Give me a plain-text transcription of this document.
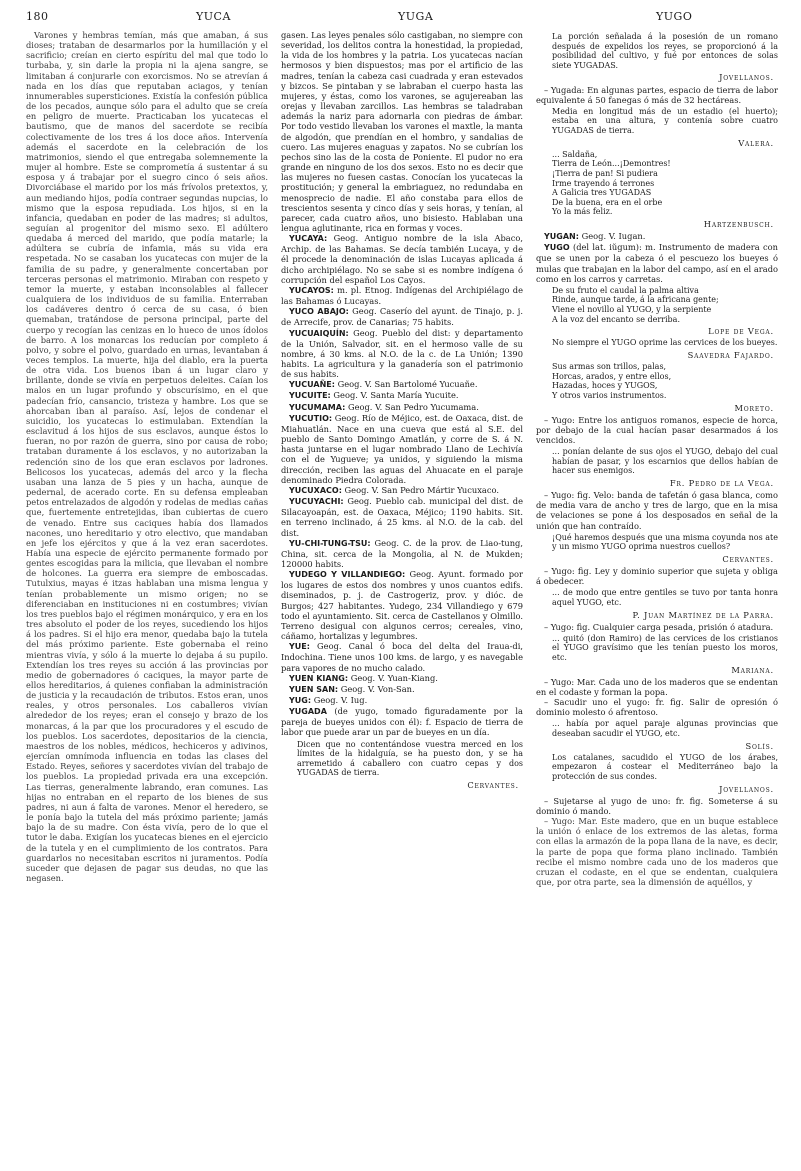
180	YUCA	YUGA	YUGO

Varones y hembras temían, más que amaban, á sus dioses; trataban de desarmarlos por la humillación y el sacrificio; creían en cierto espíritu del mal que todo lo turbaba, y, sin darle la propia ni la ajena sangre, se limitaban á conjurarle con exorcismos. No se atrevían á nada en los días que reputaban aciagos, y tenían innumerables supersticiones. Existía la confesión pública de los pecados, aunque sólo para el adulto que se creía en peligro de muerte. Practicaban los yucatecas el bautismo, que de manos del sacerdote se recibía colectivamente de los tres á los doce años. Intervenía además el sacerdote en la celebración de los matrimonios, siendo el que entregaba solemnemente la mujer al hombre. Este se comprometía á sustentar á su esposa y á trabajar por el suegro cinco ó seis años. Divorciábase el marido por los más frívolos pretextos, y, aun mediando hijos, podía contraer segundas nupcias, lo mismo que la esposa repudiada. Los hijos, si en la infancia, quedaban en poder de las madres; si adultos, seguían al progenitor del mismo sexo. El adúltero quedaba á merced del marido, que podía matarle; la adúltera se cubría de infamia, más su vida era respetada. No se casaban los yucatecas con mujer de la familia de su padre, y generalmente concertaban por terceras personas el matrimonio. Miraban con respeto y temor la muerte, y estaban inconsolables al fallecer cualquiera de los individuos de su familia. Enterraban los cadáveres dentro ó cerca de su casa, ó bien quemaban, tratándose de persona principal, parte del cuerpo y recogían las cenizas en lo hueco de unos ídolos de barro. A los monarcas los reducían por completo á polvo, y sobre el polvo, guardado en urnas, levantaban á veces templos. La muerte, hija del diablo, era la puerta de otra vida. Los buenos iban á un lugar claro y brillante, donde se vivía en perpetuos deleites. Caían los malos en un lugar profundo y obscurísimo, en el que padecían frío, cansancio, tristeza y hambre. Los que se ahorcaban iban al paraíso. Así, lejos de condenar el suicidio, los yucatecas lo estimulaban. Extendían la esclavitud á los hijos de sus esclavos, aunque éstos lo fueran, no por razón de guerra, sino por causa de robo; trataban duramente á los esclavos, y no autorizaban la redención sino de los que eran esclavos por ladrones. Belicosos los yucatecas, además del arco y la flecha usaban una lanza de 5 pies y un hacha, aunque de pedernal, de acerado corte. En su defensa empleaban petos entrelazados de algodón y rodelas de medias cañas que, fuertemente entretejidas, iban cubiertas de cuero de venado. Entre sus caciques había dos llamados nacones, uno hereditario y otro electivo, que mandaban en jefe los ejércitos y que á la vez eran sacerdotes. Había una especie de ejército permanente formado por gentes escogidas para la milicia, que llevaban el nombre de holcones. La guerra era siempre de emboscadas. Tutulxius, mayas é itzas hablaban una misma lengua y tenían probablemente un mismo origen; no se diferenciaban en instituciones ni en costumbres; vivían los tres pueblos bajo el régimen monárquico, y era en los tres absoluto el poder de los reyes, sucediendo los hijos á los padres. Si el hijo era menor, quedaba bajo la tutela del más próximo pariente. Este gobernaba el reino mientras vivía, y sólo á la muerte lo dejaba á su pupilo. Extendían los tres reyes su acción á las provincias por medio de gobernadores ó caciques, la mayor parte de ellos hereditarios, á quienes confiaban la administración de justicia y la recaudación de tributos. Estos eran, unos reales, y otros personales. Los caballeros vivían alrededor de los reyes; eran el consejo y brazo de los monarcas, á la par que los procuradores y el escudo de los pueblos. Los sacerdotes, depositarios de la ciencia, maestros de los nobles, médicos, hechiceros y adivinos, ejercían omnímoda influencia en todas las clases del Estado. Reyes, señores y sacerdotes vivían del trabajo de los pueblos. La propiedad privada era una excepción. Las tierras, generalmente labrando, eran comunes. Las hijas no entraban en el reparto de los bienes de sus padres, ni aun á falta de varones. Menor el heredero, se le ponía bajo la tutela del más próximo pariente; jamás bajo la de su madre. Con ésta vivía, pero de lo que el tutor le daba. Exigían los yucatecas bienes en el ejercicio de la tutela y en el cumplimiento de los contratos. Para guardarlos no necesitaban escritos ni juramentos. Podía suceder que dejasen de pagar sus deudas, no que las negasen.

gasen. Las leyes penales sólo castigaban, no siempre con severidad, los delitos contra la honestidad, la propiedad, la vida de los hombres y la patria. Los yucatecas nacían hermosos y bien dispuestos; mas por el artificio de las madres, tenían la cabeza casi cuadrada y eran estevados y bizcos. Se pintaban y se labraban el cuerpo hasta las mujeres, y éstas, como los varones, se agujereaban las orejas y llevaban zarcillos. Las hembras se taladraban además la nariz para adornarla con piedras de ámbar. Por todo vestido llevaban los varones el maxtle, la manta de algodón, que prendían en el hombro, y sandalias de cuero. Las mujeres enaguas y zapatos. No se cubrían los pechos sino las de la costa de Poniente. El pudor no era grande en ninguno de los dos sexos. Esto no es decir que las mujeres no fuesen castas. Conocían los yucatecas la prostitución; y general la embriaguez, no redundaba en menosprecio de nadie. El año constaba para ellos de trescientos sesenta y cinco días y seis horas, y tenían, al parecer, cada cuatro años, uno bisiesto. Hablaban una lengua aglutinante, rica en formas y voces.

YUCAYA: Geog. Antiguo nombre de la isla Abaco, Archip. de las Bahamas. Se decía también Lucaya, y de él procede la denominación de islas Lucayas aplicada á dicho archipiélago. No se sabe si es nombre indígena ó corrupción del español Los Cayos.

YUCAYOS: m. pl. Etnog. Indígenas del Archipiélago de las Bahamas ó Lucayas.

YUCO ABAJO: Geog. Caserío del ayunt. de Tinajo, p. j. de Arrecife, prov. de Canarias; 75 habits.

YUCUAIQUÍN: Geog. Pueblo del dist: y departamento de la Unión, Salvador, sit. en el hermoso valle de su nombre, á 30 kms. al N.O. de la c. de La Unión; 1390 habits. La agricultura y la ganadería son el patrimonio de sus habits.

YUCUAÑE: Geog. V. San Bartolomé Yucuañe.

YUCUITE: Geog. V. Santa María Yucuite.

YUCUMAMA: Geog. V. San Pedro Yucumama.

YUCUTIO: Geog. Río de Méjico, est. de Oaxaca, dist. de Miahuatlán. Nace en una cueva que está al S.E. del pueblo de Santo Domingo Amatlán, y corre de S. á N. hasta juntarse en el lugar nombrado Llano de Lechivía con el de Yugueve; ya unidos, y siguiendo la misma dirección, reciben las aguas del Ahuacate en el paraje denominado Piedra Colorada.

YUCUXACO: Geog. V. San Pedro Mártir Yucuxaco.

YUCUYACHI: Geog. Pueblo cab. municipal del dist. de Silacayoapán, est. de Oaxaca, Méjico; 1190 habits. Sit. en terreno inclinado, á 25 kms. al N.O. de la cab. del dist.

YU-CHI-TUNG-TSU: Geog. C. de la prov. de Liao-tung, China, sit. cerca de la Mongolia, al N. de Mukden; 120000 habits.

YUDEGO Y VILLANDIEGO: Geog. Ayunt. formado por los lugares de estos dos nombres y unos cuantos edifs. diseminados, p. j. de Castrogeriz, prov. y dióc. de Burgos; 427 habitantes. Yudego, 234 Villandiego y 679 todo el ayuntamiento. Sit. cerca de Castellanos y Olmillo. Terreno desigual con algunos cerros; cereales, vino, cáñamo, hortalizas y legumbres.

YUE: Geog. Canal ó boca del delta del Iraua-di, Indochina. Tiene unos 100 kms. de largo, y es navegable para vapores de no mucho calado.

YUEN KIANG: Geog. V. Yuan-Kiang.

YUEN SAN: Geog. V. Von-San.

YUG: Geog. V. Iug.

YUGADA (de yugo, tomado figuradamente por la pareja de bueyes unidos con él): f. Espacio de tierra de labor que puede arar un par de bueyes en un día.

Dicen que no contentándose vuestra merced en los límites de la hidalguía, se ha puesto don, y se ha arremetido á caballero con cuatro cepas y dos YUGADAS de tierra.
Cervantes.
La porción señalada á la posesión de un romano después de expelidos los reyes, se proporcionó á la posibilidad del cultivo, y fué por entonces de solas siete YUGADAS.
Jovellanos.

– Yugada: En algunas partes, espacio de tierra de labor equivalente á 50 fanegas ó más de 32 hectáreas.

Media en longitud más de un estadio (el huerto); estaba en una altura, y contenía sobre cuatro YUGADAS de tierra.
Valera.
... Saldaña,
Tierra de León...¡Demontres!
¡Tierra de pan! Si pudiera
Irme trayendo á terrones
A Galicia tres YUGADAS
De la buena, era en el orbe
Yo la más feliz.
Hartzenbusch.

YUGAN: Geog. V. Iugan.

YUGO (del lat. iŭgum): m. Instrumento de madera con que se unen por la cabeza ó el pescuezo los bueyes ó mulas que trabajan en la labor del campo, así en el arado como en los carros y carretas.

De su fruto el caudal la palma altiva
Rinde, aunque tarde, á la africana gente;
Viene el novillo al YUGO, y la serpiente
A la voz del encanto se derriba.
Lope de Vega.
No siempre el YUGO oprime las cervices de los bueyes.
Saavedra Fajardo.
Sus armas son trillos, palas,
Horcas, arados, y entre ellos,
Hazadas, hoces y YUGOS,
Y otros varios instrumentos.
Moreto.

– Yugo: Entre los antiguos romanos, especie de horca, por debajo de la cual hacían pasar desarmados á los vencidos.

... ponían delante de sus ojos el YUGO, debajo del cual habían de pasar, y los escarnios que dellos habían de hacer sus enemigos.
Fr. Pedro de la Vega.

– Yugo: fig. Velo: banda de tafetán ó gasa blanca, como de media vara de ancho y tres de largo, que en la misa de velaciones se pone á los desposados en señal de la unión que han contraído.

¡Qué haremos después que una misma coyunda nos ate y un mismo YUGO oprima nuestros cuellos?
Cervantes.

– Yugo: fig. Ley y dominio superior que sujeta y obliga á obedecer.

... de modo que entre gentiles se tuvo por tanta honra aquel YUGO, etc.
P. Juan Martínez de la Parra.

– Yugo: fig. Cualquier carga pesada, prisión ó atadura.

... quitó (don Ramiro) de las cervices de los cristianos el YUGO gravísimo que les tenían puesto los moros, etc.
Mariana.

– Yugo: Mar. Cada uno de los maderos que se endentan en el codaste y forman la popa.

– Sacudir uno el yugo: fr. fig. Salir de opresión ó dominio molesto ó afrentoso.

... había por aquel paraje algunas provincias que deseaban sacudir el YUGO, etc.
Solís.
Los catalanes, sacudido el YUGO de los árabes, empezaron á costear el Mediterráneo bajo la protección de sus condes.
Jovellanos.

– Sujetarse al yugo de uno: fr. fig. Someterse á su dominio ó mando.

– Yugo: Mar. Este madero, que en un buque establece la unión ó enlace de los extremos de las aletas, forma con ellas la armazón de la popa llana de la nave, es decir, la parte de popa que forma plano inclinado. También recibe el mismo nombre cada uno de los maderos que cruzan el codaste, en el que se endentan, cualquiera que, por otra parte, sea la dimensión de aquéllos, y
